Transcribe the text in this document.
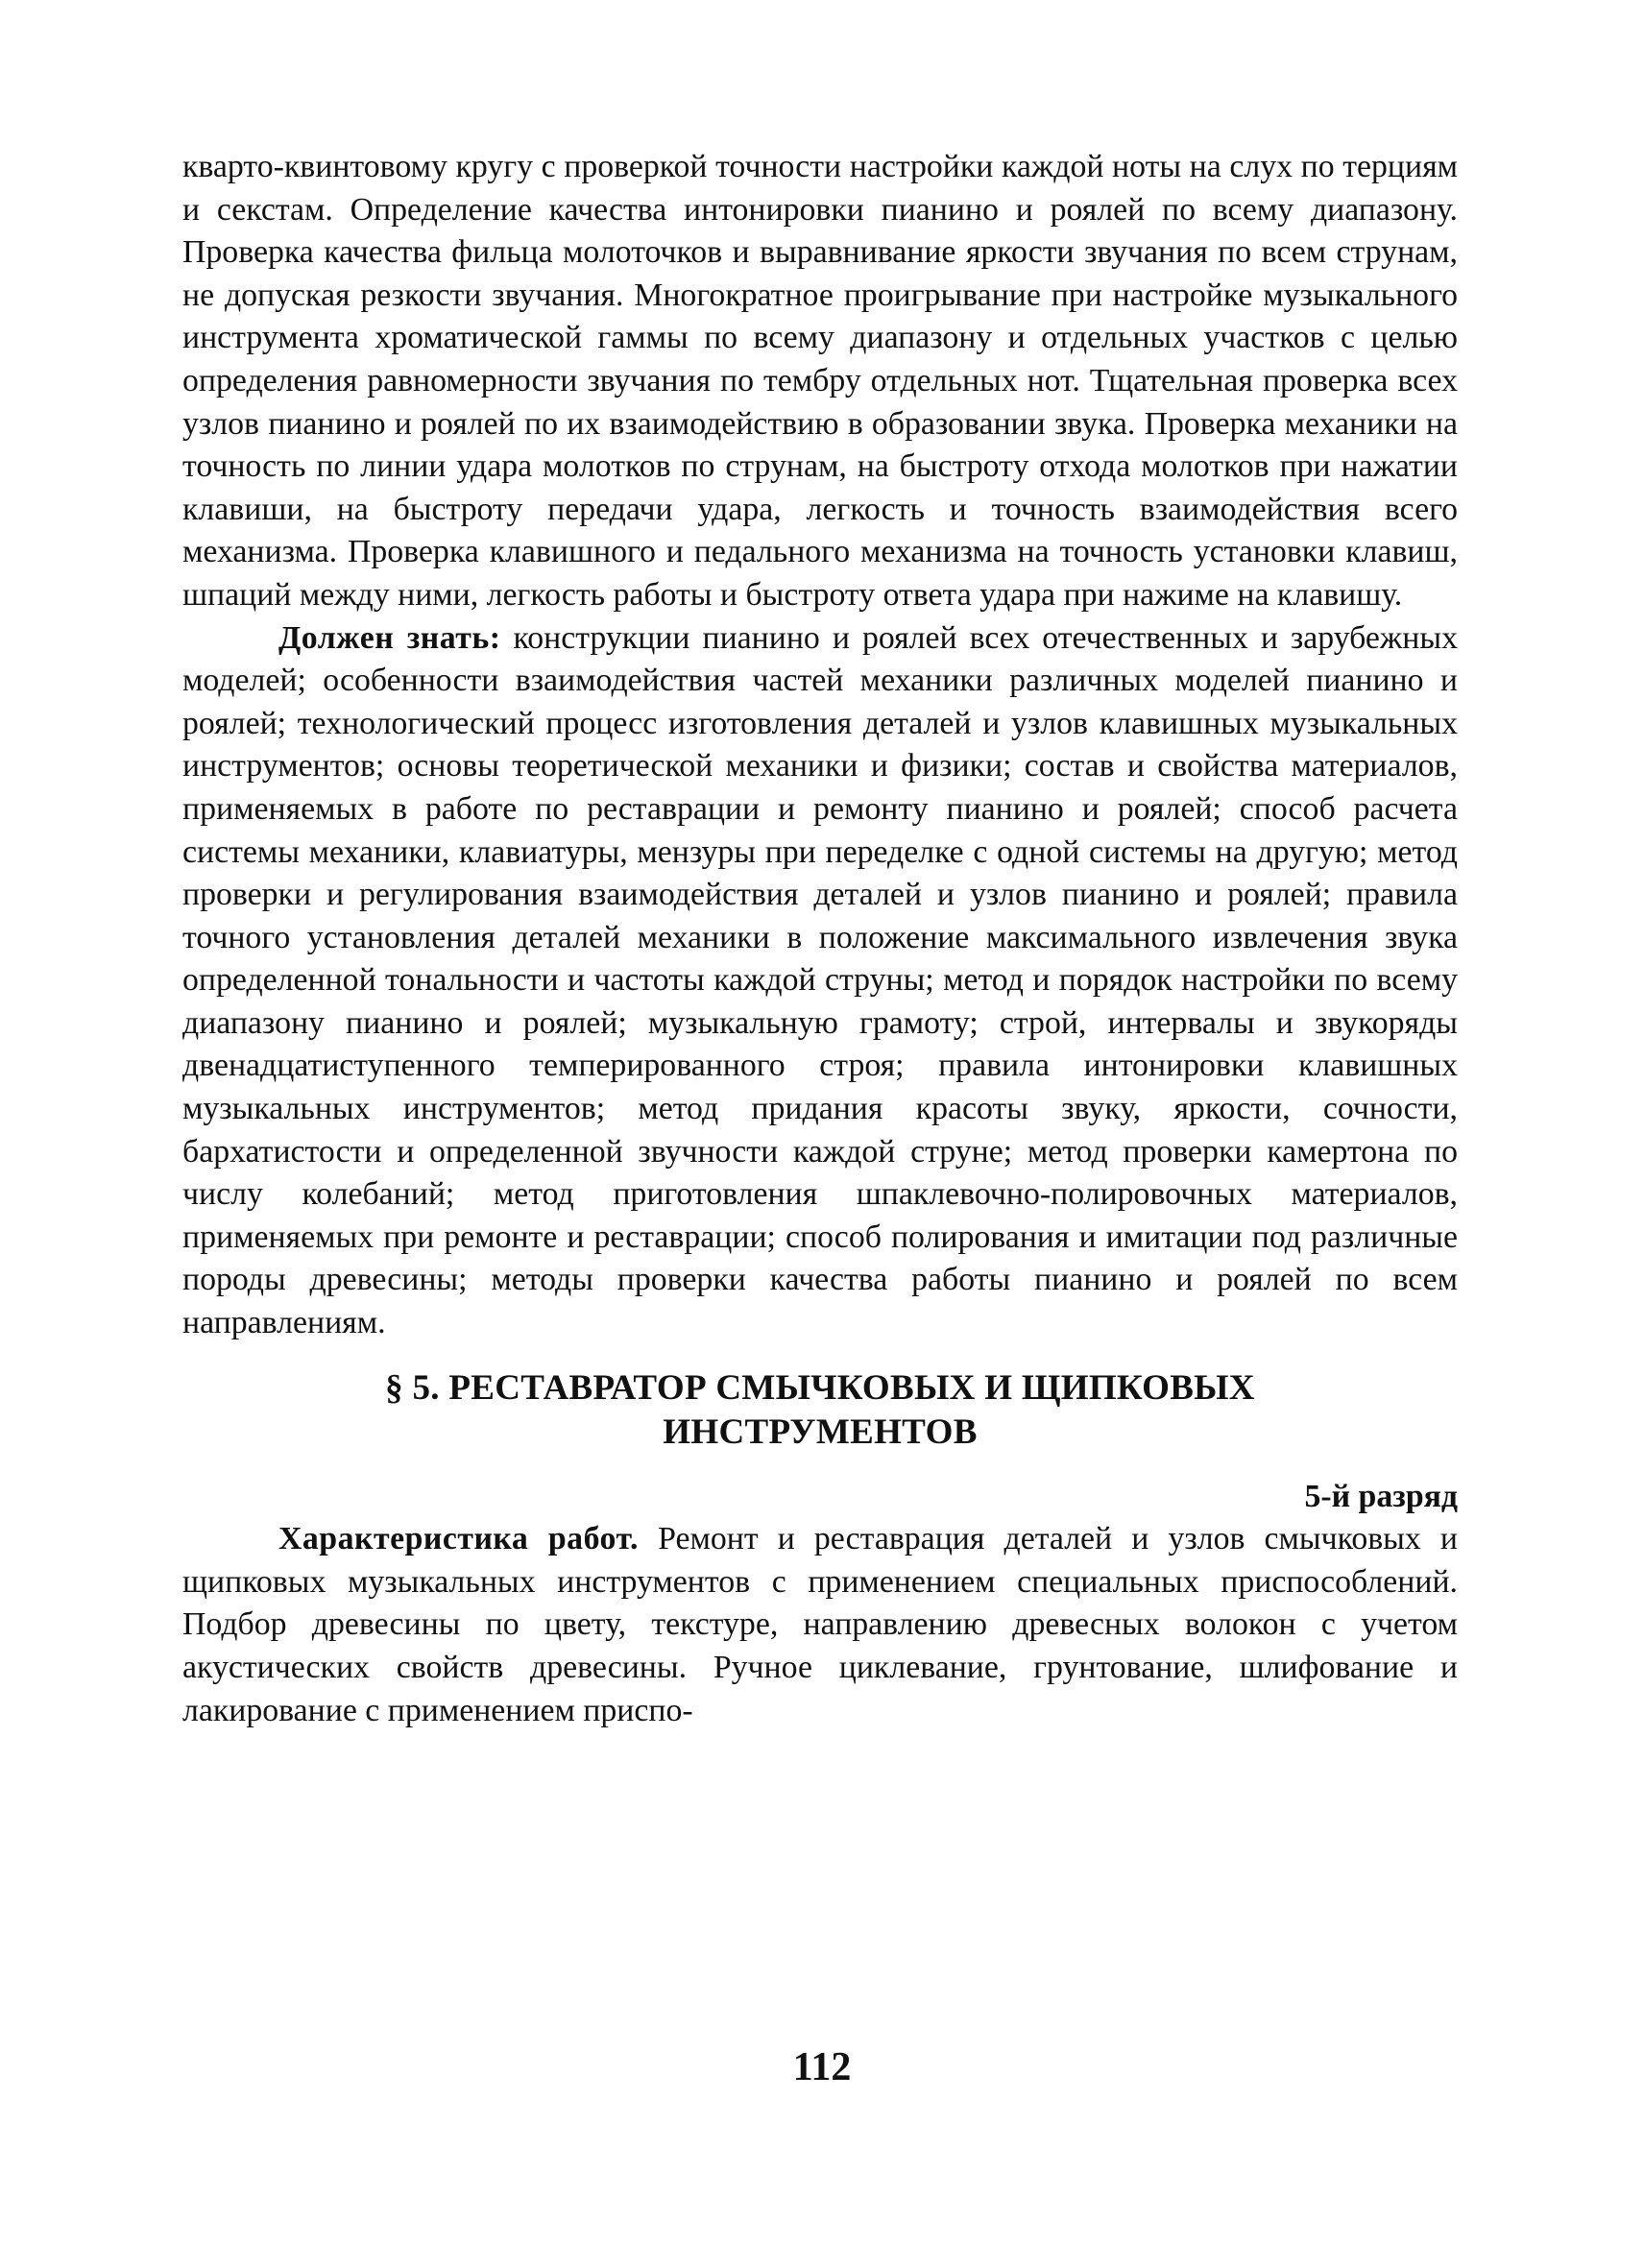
кварто-квинтовому кругу с проверкой точности настройки каждой ноты на слух по терциям и секстам. Определение качества интонировки пианино и роялей по всему диапазону. Проверка качества фильца молоточков и выравнивание яркости звучания по всем струнам, не допуская резкости звучания. Многократное проигрывание при настройке музыкального инструмента хроматической гаммы по всему диапазону и отдельных участков с целью определения равномерности звучания по тембру отдельных нот. Тщательная проверка всех узлов пианино и роялей по их взаимодействию в образовании звука. Проверка механики на точность по линии удара молотков по струнам, на быстроту отхода молотков при нажатии клавиши, на быстроту передачи удара, легкость и точность взаимодействия всего механизма. Проверка клавишного и педального механизма на точность установки клавиш, шпаций между ними, легкость работы и быстроту ответа удара при нажиме на клавишу.

Должен знать: конструкции пианино и роялей всех отечественных и зарубежных моделей; особенности взаимодействия частей механики различных моделей пианино и роялей; технологический процесс изготовления деталей и узлов клавишных музыкальных инструментов; основы теоретической механики и физики; состав и свойства материалов, применяемых в работе по реставрации и ремонту пианино и роялей; способ расчета системы механики, клавиатуры, мензуры при переделке с одной системы на другую; метод проверки и регулирования взаимодействия деталей и узлов пианино и роялей; правила точного установления деталей механики в положение максимального извлечения звука определенной тональности и частоты каждой струны; метод и порядок настройки по всему диапазону пианино и роялей; музыкальную грамоту; строй, интервалы и звукоряды двенадцатиступенного темперированного строя; правила интонировки клавишных музыкальных инструментов; метод придания красоты звуку, яркости, сочности, бархатистости и определенной звучности каждой струне; метод проверки камертона по числу колебаний; метод приготовления шпаклевочно-полировочных материалов, применяемых при ремонте и реставрации; способ полирования и имитации под различные породы древесины; методы проверки качества работы пианино и роялей по всем направлениям.

§ 5. РЕСТАВРАТОР СМЫЧКОВЫХ И ЩИПКОВЫХ
ИНСТРУМЕНТОВ
5-й разряд

Характеристика работ. Ремонт и реставрация деталей и узлов смычковых и щипковых музыкальных инструментов с применением специальных приспособлений. Подбор древесины по цвету, текстуре, направлению древесных волокон с учетом акустических свойств древесины. Ручное циклевание, грунтование, шлифование и лакирование с применением приспо-

112
